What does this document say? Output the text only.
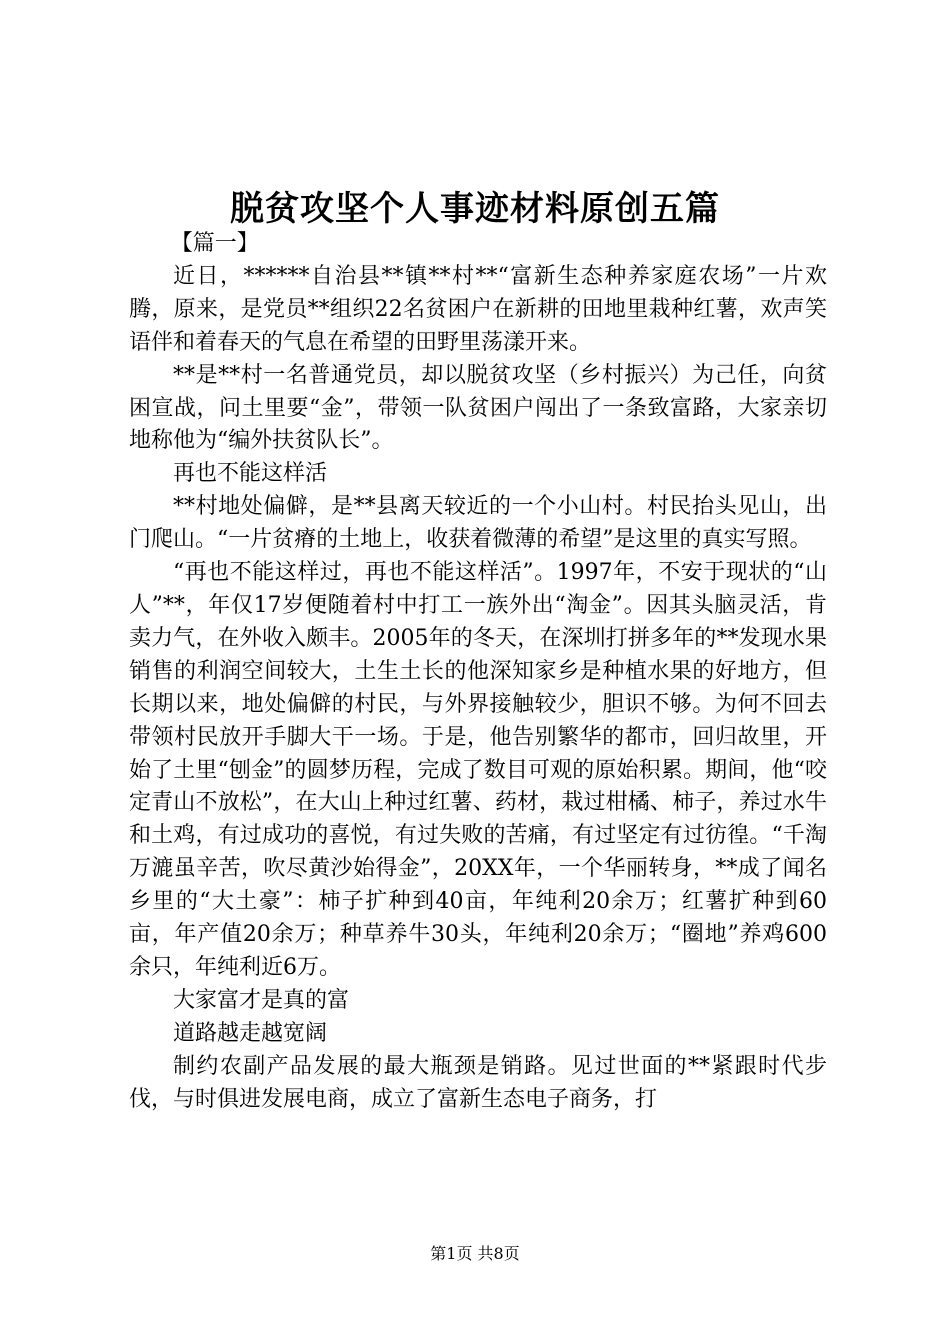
脱贫攻坚个人事迹材料原创五篇

【篇一】

近日，******自治县**镇**村**“富新生态种养家庭农场”一片欢腾，原来，是党员**组织22名贫困户在新耕的田地里栽种红薯，欢声笑语伴和着春天的气息在希望的田野里荡漾开来。

**是**村一名普通党员，却以脱贫攻坚（乡村振兴）为己任，向贫困宣战，问土里要“金”，带领一队贫困户闯出了一条致富路，大家亲切地称他为“编外扶贫队长”。

再也不能这样活

**村地处偏僻，是**县离天较近的一个小山村。村民抬头见山，出门爬山。“一片贫瘠的土地上，收获着微薄的希望”是这里的真实写照。

“再也不能这样过，再也不能这样活”。1997年，不安于现状的“山人”**，年仅17岁便随着村中打工一族外出“淘金”。因其头脑灵活，肯卖力气，在外收入颇丰。2005年的冬天，在深圳打拼多年的**发现水果销售的利润空间较大，土生土长的他深知家乡是种植水果的好地方，但长期以来，地处偏僻的村民，与外界接触较少，胆识不够。为何不回去带领村民放开手脚大干一场。于是，他告别繁华的都市，回归故里，开始了土里“刨金”的圆梦历程，完成了数目可观的原始积累。期间，他“咬定青山不放松”，在大山上种过红薯、药材，栽过柑橘、柿子，养过水牛和土鸡，有过成功的喜悦，有过失败的苦痛，有过坚定有过彷徨。“千淘万漉虽辛苦，吹尽黄沙始得金”，20XX年，一个华丽转身，**成了闻名乡里的“大土豪”：柿子扩种到40亩，年纯利20余万；红薯扩种到60亩，年产值20余万；种草养牛30头，年纯利20余万；“圈地”养鸡600余只，年纯利近6万。

大家富才是真的富

道路越走越宽阔

制约农副产品发展的最大瓶颈是销路。见过世面的**紧跟时代步伐，与时俱进发展电商，成立了富新生态电子商务，打

第1页 共8页
